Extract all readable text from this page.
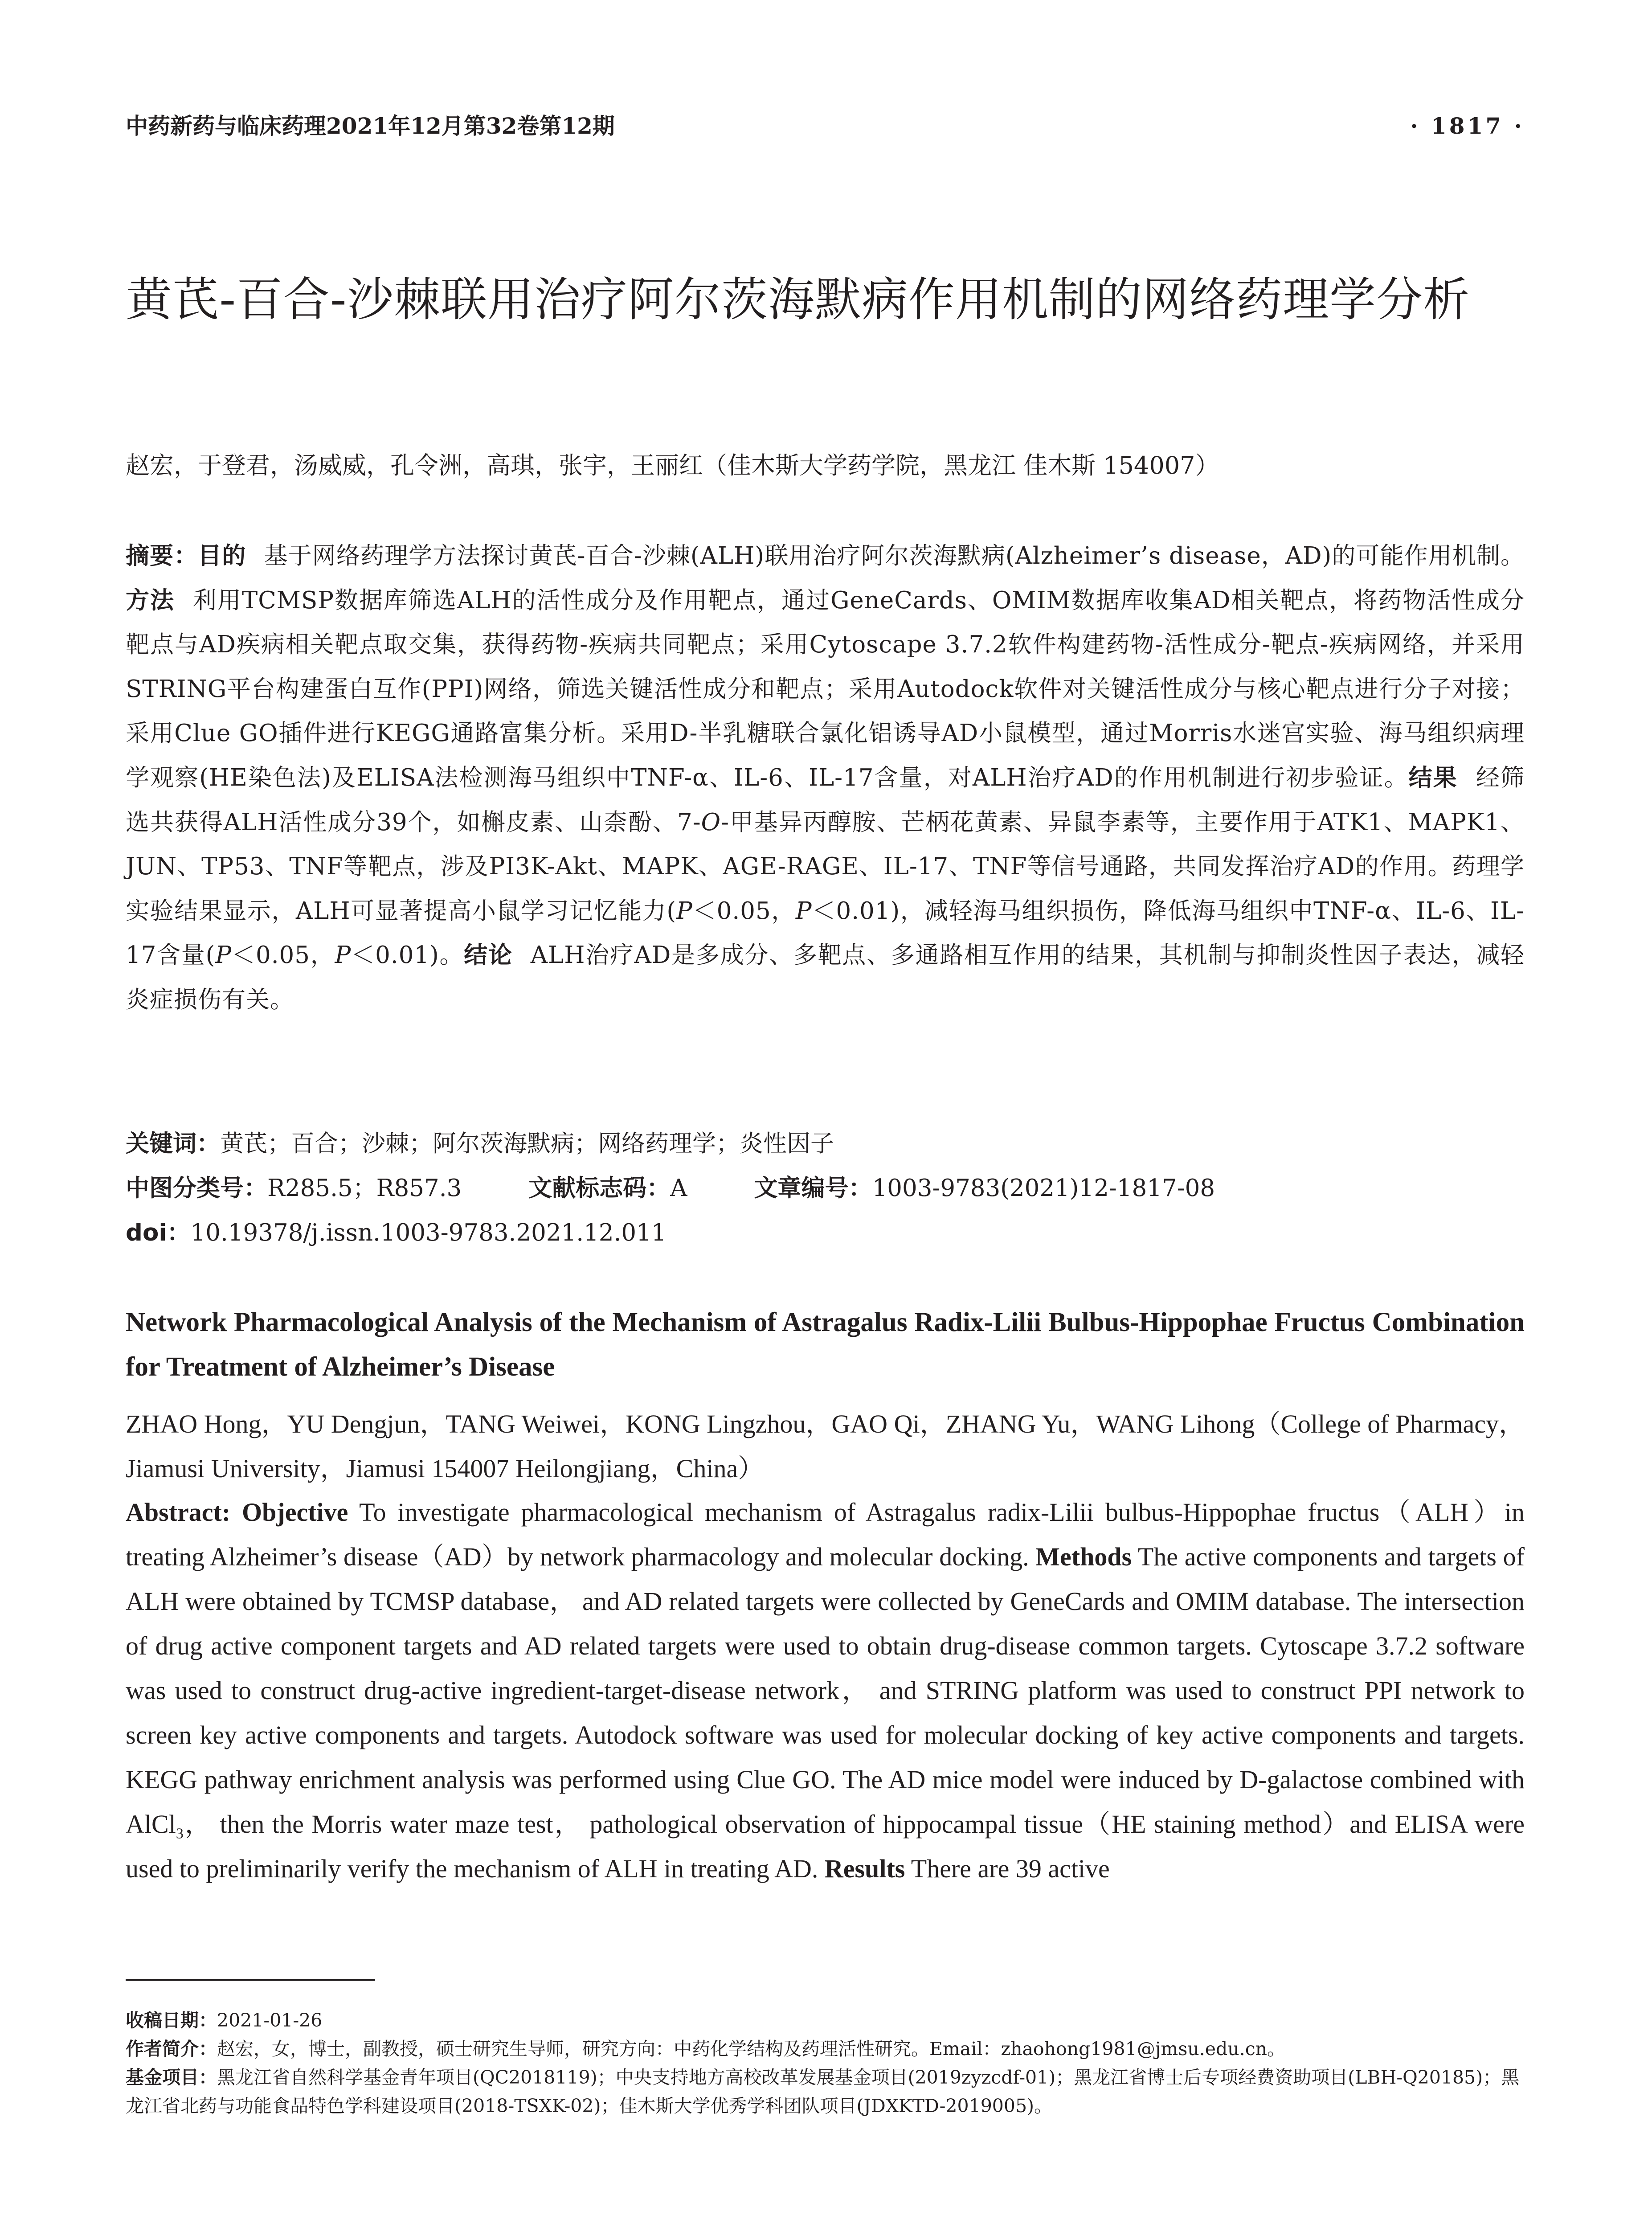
中药新药与临床药理2021年12月第32卷第12期	· 1817 ·
黄芪-百合-沙棘联用治疗阿尔茨海默病作用机制的网络药理学分析
赵宏，于登君，汤威威，孔令洲，高琪，张宇，王丽红（佳木斯大学药学院，黑龙江 佳木斯 154007）
摘要：目的 基于网络药理学方法探讨黄芪-百合-沙棘(ALH)联用治疗阿尔茨海默病(Alzheimer’s disease，AD)的可能作用机制。方法 利用TCMSP数据库筛选ALH的活性成分及作用靶点，通过GeneCards、OMIM数据库收集AD相关靶点，将药物活性成分靶点与AD疾病相关靶点取交集，获得药物-疾病共同靶点；采用Cytoscape 3.7.2软件构建药物-活性成分-靶点-疾病网络，并采用STRING平台构建蛋白互作(PPI)网络，筛选关键活性成分和靶点；采用Autodock软件对关键活性成分与核心靶点进行分子对接；采用Clue GO插件进行KEGG通路富集分析。采用D-半乳糖联合氯化铝诱导AD小鼠模型，通过Morris水迷宫实验、海马组织病理学观察(HE染色法)及ELISA法检测海马组织中TNF-α、IL-6、IL-17含量，对ALH治疗AD的作用机制进行初步验证。结果 经筛选共获得ALH活性成分39个，如槲皮素、山柰酚、7-O-甲基异丙醇胺、芒柄花黄素、异鼠李素等，主要作用于ATK1、MAPK1、JUN、TP53、TNF等靶点，涉及PI3K-Akt、MAPK、AGE-RAGE、IL-17、TNF等信号通路，共同发挥治疗AD的作用。药理学实验结果显示，ALH可显著提高小鼠学习记忆能力(P＜0.05，P＜0.01)，减轻海马组织损伤，降低海马组织中TNF-α、IL-6、IL-17含量(P＜0.05，P＜0.01)。结论 ALH治疗AD是多成分、多靶点、多通路相互作用的结果，其机制与抑制炎性因子表达，减轻炎症损伤有关。
关键词：黄芪；百合；沙棘；阿尔茨海默病；网络药理学；炎性因子
中图分类号：R285.5；R857.3	文献标志码：A	文章编号：1003-9783(2021)12-1817-08
doi：10.19378/j.issn.1003-9783.2021.12.011
Network Pharmacological Analysis of the Mechanism of Astragalus Radix-Lilii Bulbus-Hippophae Fructus Combination for Treatment of Alzheimer’s Disease
ZHAO Hong，YU Dengjun，TANG Weiwei，KONG Lingzhou，GAO Qi，ZHANG Yu，WANG Lihong（College of Pharmacy，Jiamusi University，Jiamusi 154007 Heilongjiang，China）
Abstract: Objective To investigate pharmacological mechanism of Astragalus radix-Lilii bulbus-Hippophae fructus（ALH）in treating Alzheimer’s disease（AD）by network pharmacology and molecular docking. Methods The active components and targets of ALH were obtained by TCMSP database， and AD related targets were collected by GeneCards and OMIM database. The intersection of drug active component targets and AD related targets were used to obtain drug-disease common targets. Cytoscape 3.7.2 software was used to construct drug-active ingredient-target-disease network， and STRING platform was used to construct PPI network to screen key active components and targets. Autodock software was used for molecular docking of key active components and targets. KEGG pathway enrichment analysis was performed using Clue GO. The AD mice model were induced by D-galactose combined with AlCl$_3$， then the Morris water maze test， pathological observation of hippocampal tissue（HE staining method）and ELISA were used to preliminarily verify the mechanism of ALH in treating AD. Results There are 39 active

收稿日期：2021-01-26

作者简介：赵宏，女，博士，副教授，硕士研究生导师，研究方向：中药化学结构及药理活性研究。Email：zhaohong1981@jmsu.edu.cn。

基金项目：黑龙江省自然科学基金青年项目(QC2018119)；中央支持地方高校改革发展基金项目(2019zyzcdf-01)；黑龙江省博士后专项经费资助项目(LBH-Q20185)；黑龙江省北药与功能食品特色学科建设项目(2018-TSXK-02)；佳木斯大学优秀学科团队项目(JDXKTD-2019005)。
